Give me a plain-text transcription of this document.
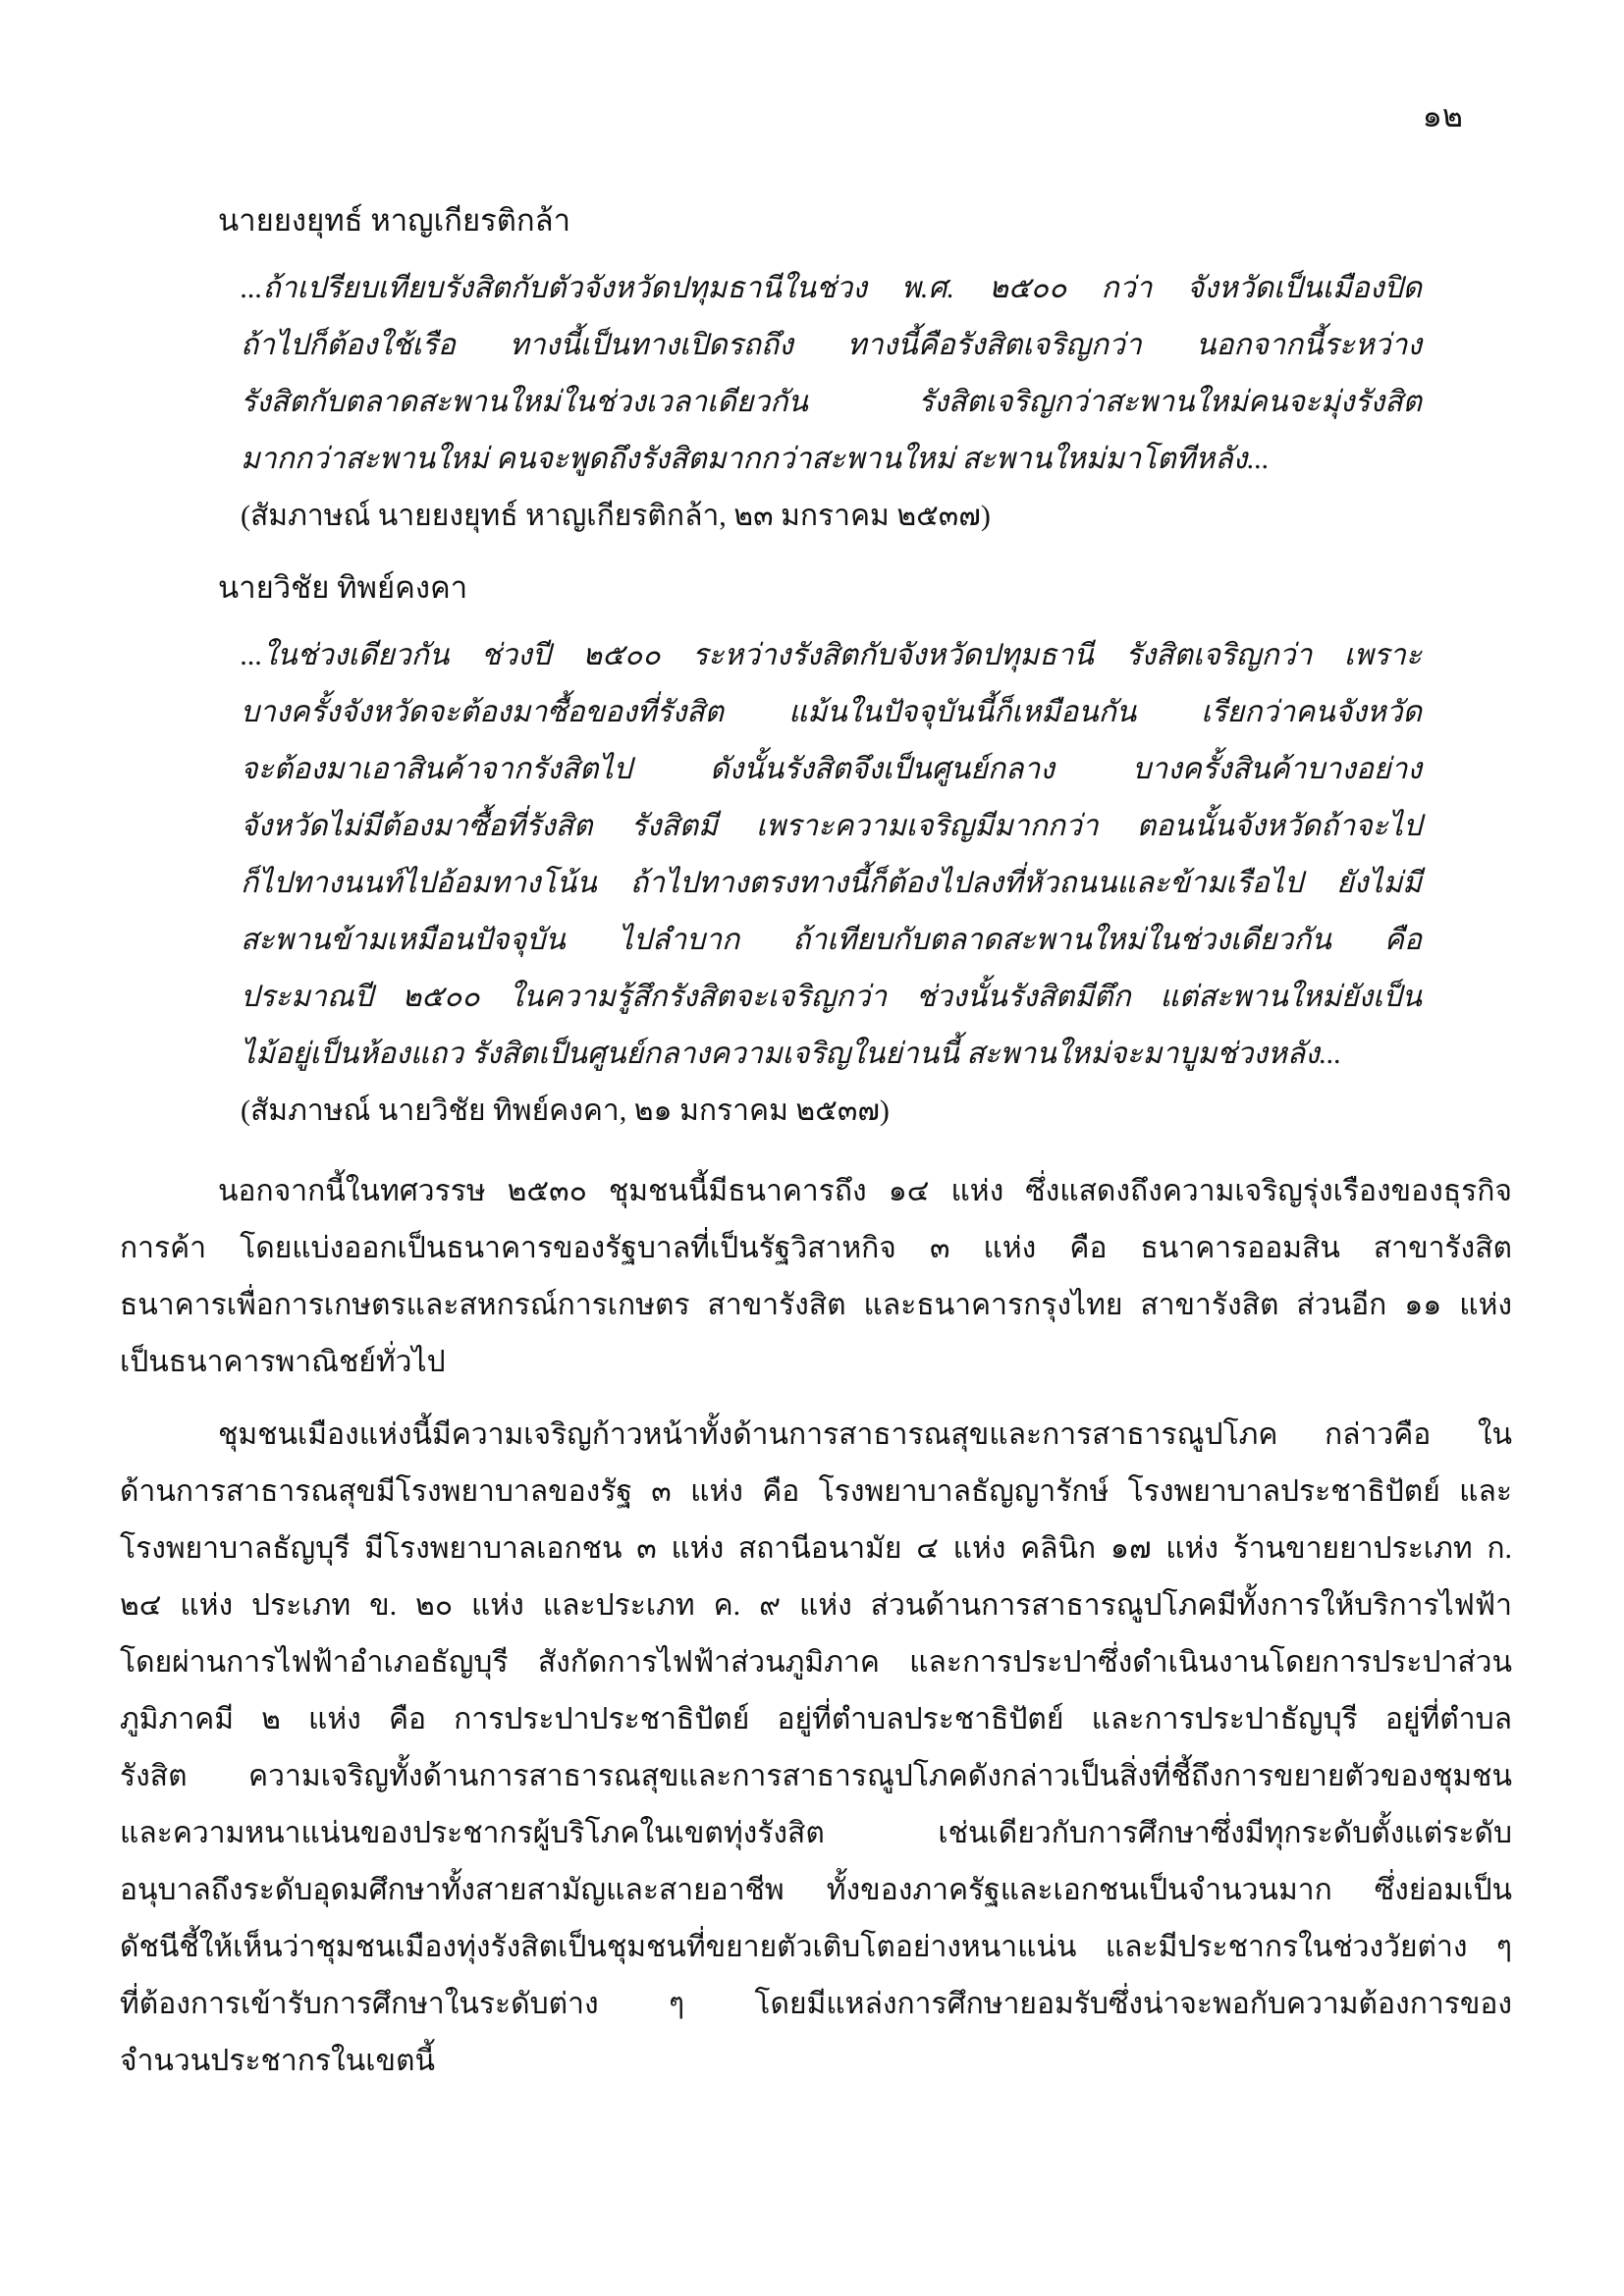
๑๒
นายยงยุทธ์ หาญเกียรติกล้า
...ถ้าเปรียบเทียบรังสิตกับตัวจังหวัดปทุมธานีในช่วง พ.ศ. ๒๕๐๐ กว่า จังหวัดเป็นเมืองปิด
ถ้าไปก็ต้องใช้เรือ ทางนี้เป็นทางเปิดรถถึง ทางนี้คือรังสิตเจริญกว่า นอกจากนี้ระหว่าง
รังสิตกับตลาดสะพานใหม่ในช่วงเวลาเดียวกัน รังสิตเจริญกว่าสะพานใหม่คนจะมุ่งรังสิต
มากกว่าสะพานใหม่ คนจะพูดถึงรังสิตมากกว่าสะพานใหม่ สะพานใหม่มาโตทีหลัง...
(สัมภาษณ์ นายยงยุทธ์ หาญเกียรติกล้า, ๒๓ มกราคม ๒๕๓๗)
นายวิชัย ทิพย์คงคา
...ในช่วงเดียวกัน ช่วงปี ๒๕๐๐ ระหว่างรังสิตกับจังหวัดปทุมธานี รังสิตเจริญกว่า เพราะ
บางครั้งจังหวัดจะต้องมาซื้อของที่รังสิต แม้นในปัจจุบันนี้ก็เหมือนกัน เรียกว่าคนจังหวัด
จะต้องมาเอาสินค้าจากรังสิตไป ดังนั้นรังสิตจึงเป็นศูนย์กลาง บางครั้งสินค้าบางอย่าง
จังหวัดไม่มีต้องมาซื้อที่รังสิต รังสิตมี เพราะความเจริญมีมากกว่า ตอนนั้นจังหวัดถ้าจะไป
ก็ไปทางนนท์ไปอ้อมทางโน้น ถ้าไปทางตรงทางนี้ก็ต้องไปลงที่หัวถนนและข้ามเรือไป ยังไม่มี
สะพานข้ามเหมือนปัจจุบัน ไปลำบาก ถ้าเทียบกับตลาดสะพานใหม่ในช่วงเดียวกัน คือ
ประมาณปี ๒๕๐๐ ในความรู้สึกรังสิตจะเจริญกว่า ช่วงนั้นรังสิตมีตึก แต่สะพานใหม่ยังเป็น
ไม้อยู่เป็นห้องแถว รังสิตเป็นศูนย์กลางความเจริญในย่านนี้ สะพานใหม่จะมาบูมช่วงหลัง...
(สัมภาษณ์ นายวิชัย ทิพย์คงคา, ๒๑ มกราคม ๒๕๓๗)
นอกจากนี้ในทศวรรษ ๒๕๓๐ ชุมชนนี้มีธนาคารถึง ๑๔ แห่ง ซึ่งแสดงถึงความเจริญรุ่งเรืองของธุรกิจ
การค้า โดยแบ่งออกเป็นธนาคารของรัฐบาลที่เป็นรัฐวิสาหกิจ ๓ แห่ง คือ ธนาคารออมสิน สาขารังสิต
ธนาคารเพื่อการเกษตรและสหกรณ์การเกษตร สาขารังสิต และธนาคารกรุงไทย สาขารังสิต ส่วนอีก ๑๑ แห่ง
เป็นธนาคารพาณิชย์ทั่วไป
ชุมชนเมืองแห่งนี้มีความเจริญก้าวหน้าทั้งด้านการสาธารณสุขและการสาธารณูปโภค กล่าวคือ ใน
ด้านการสาธารณสุขมีโรงพยาบาลของรัฐ ๓ แห่ง คือ โรงพยาบาลธัญญารักษ์ โรงพยาบาลประชาธิปัตย์ และ
โรงพยาบาลธัญบุรี มีโรงพยาบาลเอกชน ๓ แห่ง สถานีอนามัย ๔ แห่ง คลินิก ๑๗ แห่ง ร้านขายยาประเภท ก.
๒๔ แห่ง ประเภท ข. ๒๐ แห่ง และประเภท ค. ๙ แห่ง ส่วนด้านการสาธารณูปโภคมีทั้งการให้บริการไฟฟ้า
โดยผ่านการไฟฟ้าอำเภอธัญบุรี สังกัดการไฟฟ้าส่วนภูมิภาค และการประปาซึ่งดำเนินงานโดยการประปาส่วน
ภูมิภาคมี ๒ แห่ง คือ การประปาประชาธิปัตย์ อยู่ที่ตำบลประชาธิปัตย์ และการประปาธัญบุรี อยู่ที่ตำบล
รังสิต ความเจริญทั้งด้านการสาธารณสุขและการสาธารณูปโภคดังกล่าวเป็นสิ่งที่ชี้ถึงการขยายตัวของชุมชน
และความหนาแน่นของประชากรผู้บริโภคในเขตทุ่งรังสิต เช่นเดียวกับการศึกษาซึ่งมีทุกระดับตั้งแต่ระดับ
อนุบาลถึงระดับอุดมศึกษาทั้งสายสามัญและสายอาชีพ ทั้งของภาครัฐและเอกชนเป็นจำนวนมาก ซึ่งย่อมเป็น
ดัชนีชี้ให้เห็นว่าชุมชนเมืองทุ่งรังสิตเป็นชุมชนที่ขยายตัวเติบโตอย่างหนาแน่น และมีประชากรในช่วงวัยต่าง ๆ
ที่ต้องการเข้ารับการศึกษาในระดับต่าง ๆ โดยมีแหล่งการศึกษายอมรับซึ่งน่าจะพอกับความต้องการของ
จำนวนประชากรในเขตนี้
